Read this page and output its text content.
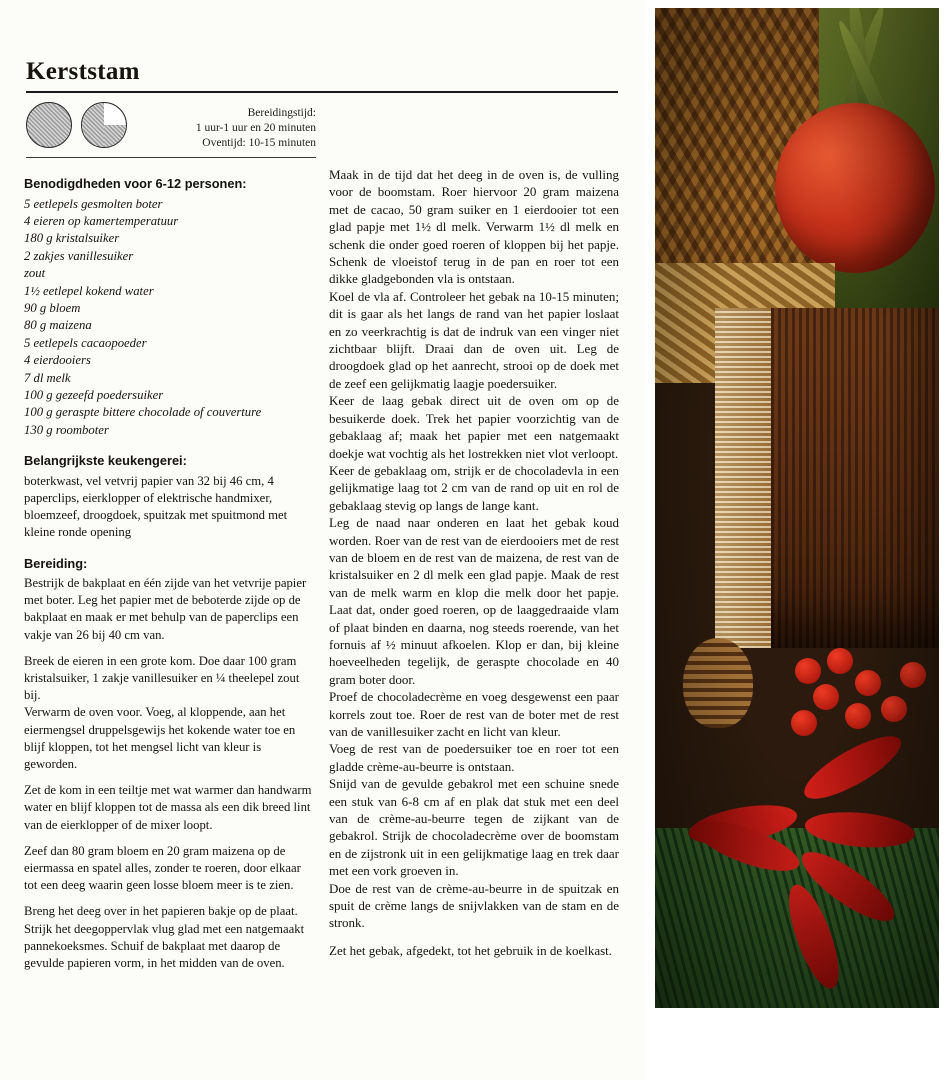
Kerststam
Bereidingstijd:
1 uur-1 uur en 20 minuten
Oventijd: 10-15 minuten
Benodigdheden voor 6-12 personen:
5 eetlepels gesmolten boter
4 eieren op kamertemperatuur
180 g kristalsuiker
2 zakjes vanillesuiker
zout
1½ eetlepel kokend water
90 g bloem
80 g maizena
5 eetlepels cacaopoeder
4 eierdooiers
7 dl melk
100 g gezeefd poedersuiker
100 g geraspte bittere chocolade of couverture
130 g roomboter
Belangrijkste keukengerei:

boterkwast, vel vetvrij papier van 32 bij 46 cm, 4 paperclips, eierklopper of elektrische handmixer, bloemzeef, droogdoek, spuitzak met spuitmond met kleine ronde opening

Bereiding:

Bestrijk de bakplaat en één zijde van het vetvrije papier met boter. Leg het papier met de beboterde zijde op de bakplaat en maak er met behulp van de paperclips een vakje van 26 bij 40 cm van.

Breek de eieren in een grote kom. Doe daar 100 gram kristalsuiker, 1 zakje vanillesuiker en ¼ theelepel zout bij.

Verwarm de oven voor. Voeg, al kloppende, aan het eiermengsel druppelsgewijs het kokende water toe en blijf kloppen, tot het mengsel licht van kleur is geworden.

Zet de kom in een teiltje met wat warmer dan handwarm water en blijf kloppen tot de massa als een dik breed lint van de eierklopper of de mixer loopt.

Zeef dan 80 gram bloem en 20 gram maizena op de eiermassa en spatel alles, zonder te roeren, door elkaar tot een deeg waarin geen losse bloem meer is te zien.

Breng het deeg over in het papieren bakje op de plaat.

Strijk het deegoppervlak vlug glad met een natgemaakt pannekoeksmes. Schuif de bakplaat met daarop de gevulde papieren vorm, in het midden van de oven.

Maak in de tijd dat het deeg in de oven is, de vulling voor de boomstam. Roer hiervoor 20 gram maizena met de cacao, 50 gram suiker en 1 eierdooier tot een glad papje met 1½ dl melk. Verwarm 1½ dl melk en schenk die onder goed roeren of kloppen bij het papje. Schenk de vloeistof terug in de pan en roer tot een dikke gladgebonden vla is ontstaan.

Koel de vla af. Controleer het gebak na 10-15 minuten; dit is gaar als het langs de rand van het papier loslaat en zo veerkrachtig is dat de indruk van een vinger niet zichtbaar blijft. Draai dan de oven uit. Leg de droogdoek glad op het aanrecht, strooi op de doek met de zeef een gelijkmatig laagje poedersuiker.

Keer de laag gebak direct uit de oven om op de besuikerde doek. Trek het papier voorzichtig van de gebaklaag af; maak het papier met een natgemaakt doekje wat vochtig als het lostrekken niet vlot verloopt.

Keer de gebaklaag om, strijk er de chocoladevla in een gelijkmatige laag tot 2 cm van de rand op uit en rol de gebaklaag stevig op langs de lange kant.

Leg de naad naar onderen en laat het gebak koud worden. Roer van de rest van de eierdooiers met de rest van de bloem en de rest van de maizena, de rest van de kristalsuiker en 2 dl melk een glad papje. Maak de rest van de melk warm en klop die melk door het papje. Laat dat, onder goed roeren, op de laaggedraaide vlam of plaat binden en daarna, nog steeds roerende, van het fornuis af ½ minuut afkoelen. Klop er dan, bij kleine hoeveelheden tegelijk, de geraspte chocolade en 40 gram boter door.

Proef de chocoladecrème en voeg desgewenst een paar korrels zout toe. Roer de rest van de boter met de rest van de vanillesuiker zacht en licht van kleur.

Voeg de rest van de poedersuiker toe en roer tot een gladde crème-au-beurre is ontstaan.

Snijd van de gevulde gebakrol met een schuine snede een stuk van 6-8 cm af en plak dat stuk met een deel van de crème-au-beurre tegen de zijkant van de gebakrol. Strijk de chocoladecrème over de boomstam en de zijstronk uit in een gelijkmatige laag en trek daar met een vork groeven in.

Doe de rest van de crème-au-beurre in de spuitzak en spuit de crème langs de snijvlakken van de stam en de stronk.

Zet het gebak, afgedekt, tot het gebruik in de koelkast.
